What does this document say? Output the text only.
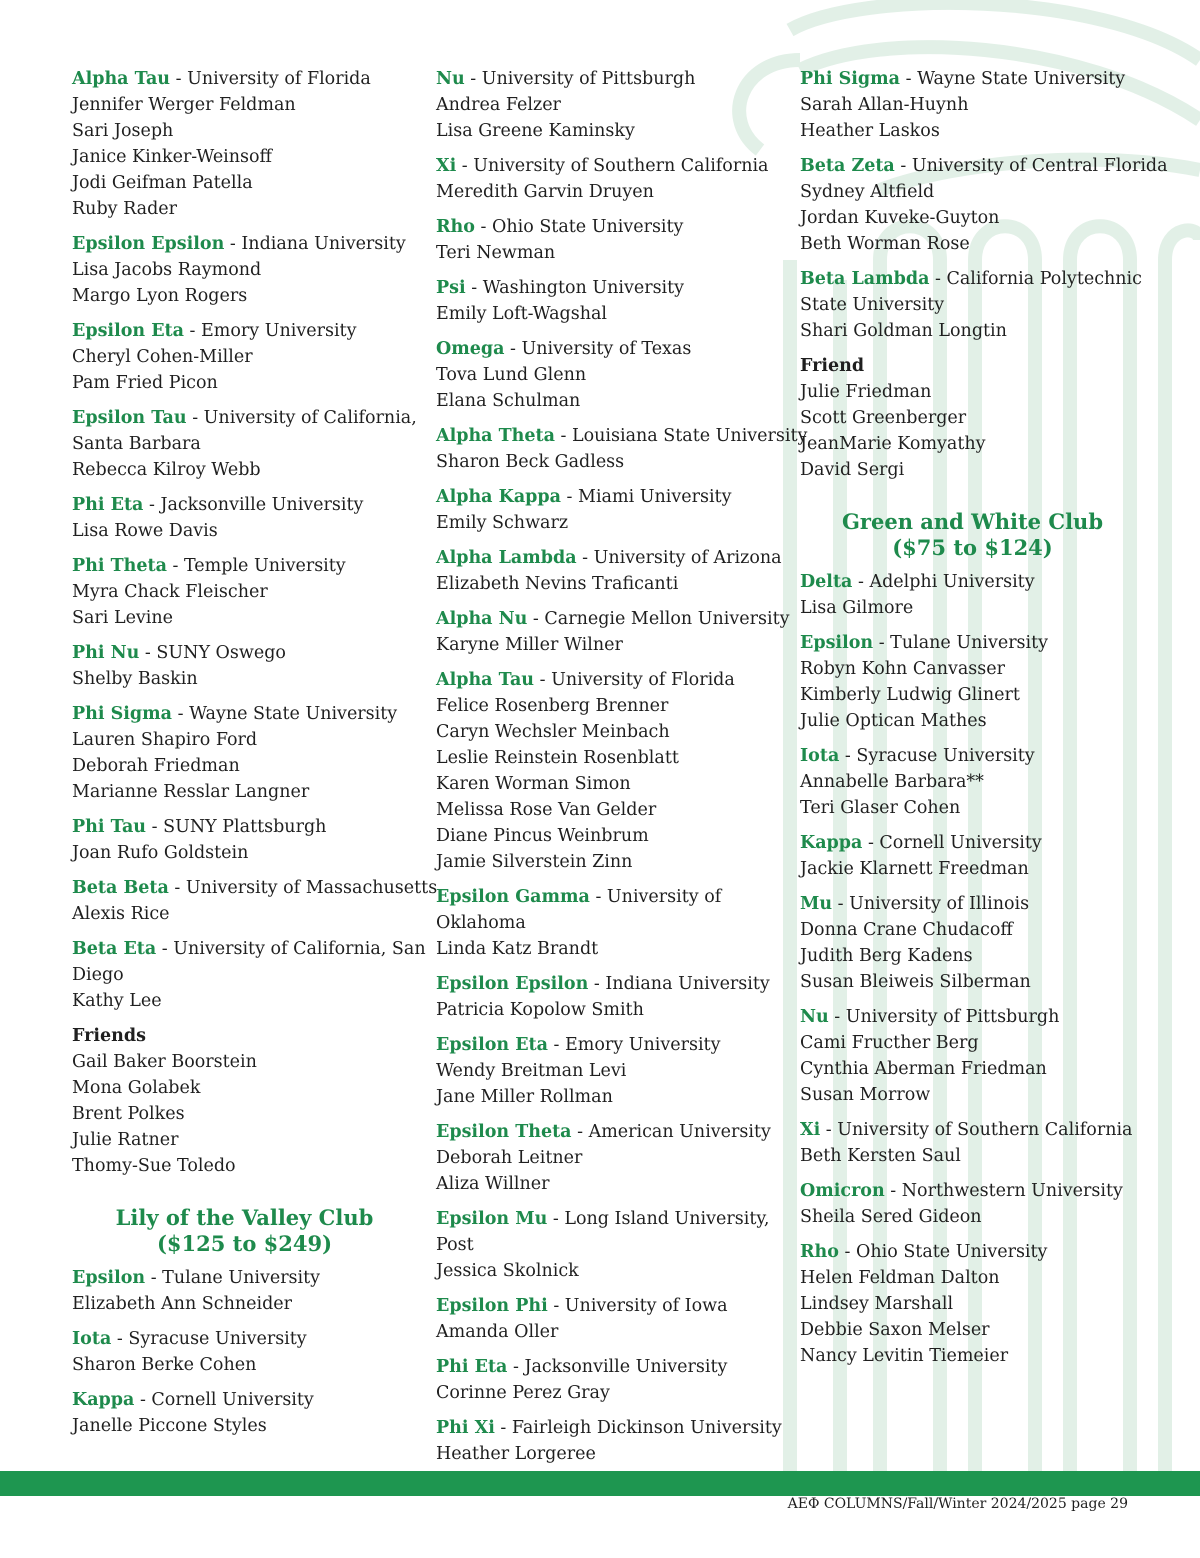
Alpha Tau - University of Florida
Jennifer Werger Feldman
Sari Joseph
Janice Kinker-Weinsoff
Jodi Geifman Patella
Ruby Rader
Epsilon Epsilon - Indiana University
Lisa Jacobs Raymond
Margo Lyon Rogers
Epsilon Eta - Emory University
Cheryl Cohen-Miller
Pam Fried Picon
Epsilon Tau - University of California,
Santa Barbara
Rebecca Kilroy Webb
Phi Eta - Jacksonville University
Lisa Rowe Davis
Phi Theta - Temple University
Myra Chack Fleischer
Sari Levine
Phi Nu - SUNY Oswego
Shelby Baskin
Phi Sigma - Wayne State University
Lauren Shapiro Ford
Deborah Friedman
Marianne Resslar Langner
Phi Tau - SUNY Plattsburgh
Joan Rufo Goldstein
Beta Beta - University of Massachusetts
Alexis Rice
Beta Eta - University of California, San
Diego
Kathy Lee
Friends
Gail Baker Boorstein
Mona Golabek
Brent Polkes
Julie Ratner
Thomy-Sue Toledo
Lily of the Valley Club
($125 to $249)
Epsilon - Tulane University
Elizabeth Ann Schneider
Iota - Syracuse University
Sharon Berke Cohen
Kappa - Cornell University
Janelle Piccone Styles
Nu - University of Pittsburgh
Andrea Felzer
Lisa Greene Kaminsky
Xi - University of Southern California
Meredith Garvin Druyen
Rho - Ohio State University
Teri Newman
Psi - Washington University
Emily Loft-Wagshal
Omega - University of Texas
Tova Lund Glenn
Elana Schulman
Alpha Theta - Louisiana State University
Sharon Beck Gadless
Alpha Kappa - Miami University
Emily Schwarz
Alpha Lambda - University of Arizona
Elizabeth Nevins Traficanti
Alpha Nu - Carnegie Mellon University
Karyne Miller Wilner
Alpha Tau - University of Florida
Felice Rosenberg Brenner
Caryn Wechsler Meinbach
Leslie Reinstein Rosenblatt
Karen Worman Simon
Melissa Rose Van Gelder
Diane Pincus Weinbrum
Jamie Silverstein Zinn
Epsilon Gamma - University of
Oklahoma
Linda Katz Brandt
Epsilon Epsilon - Indiana University
Patricia Kopolow Smith
Epsilon Eta - Emory University
Wendy Breitman Levi
Jane Miller Rollman
Epsilon Theta - American University
Deborah Leitner
Aliza Willner
Epsilon Mu - Long Island University,
Post
Jessica Skolnick
Epsilon Phi - University of Iowa
Amanda Oller
Phi Eta - Jacksonville University
Corinne Perez Gray
Phi Xi - Fairleigh Dickinson University
Heather Lorgeree
Phi Sigma - Wayne State University
Sarah Allan-Huynh
Heather Laskos
Beta Zeta - University of Central Florida
Sydney Altfield
Jordan Kuveke-Guyton
Beth Worman Rose
Beta Lambda - California Polytechnic
State University
Shari Goldman Longtin
Friend
Julie Friedman
Scott Greenberger
JeanMarie Komyathy
David Sergi
Green and White Club
($75 to $124)
Delta - Adelphi University
Lisa Gilmore
Epsilon - Tulane University
Robyn Kohn Canvasser
Kimberly Ludwig Glinert
Julie Optican Mathes
Iota - Syracuse University
Annabelle Barbara**
Teri Glaser Cohen
Kappa - Cornell University
Jackie Klarnett Freedman
Mu - University of Illinois
Donna Crane Chudacoff
Judith Berg Kadens
Susan Bleiweis Silberman
Nu - University of Pittsburgh
Cami Fructher Berg
Cynthia Aberman Friedman
Susan Morrow
Xi - University of Southern California
Beth Kersten Saul
Omicron - Northwestern University
Sheila Sered Gideon
Rho - Ohio State University
Helen Feldman Dalton
Lindsey Marshall
Debbie Saxon Melser
Nancy Levitin Tiemeier
AEΦ COLUMNS/Fall/Winter 2024/2025 page 29
